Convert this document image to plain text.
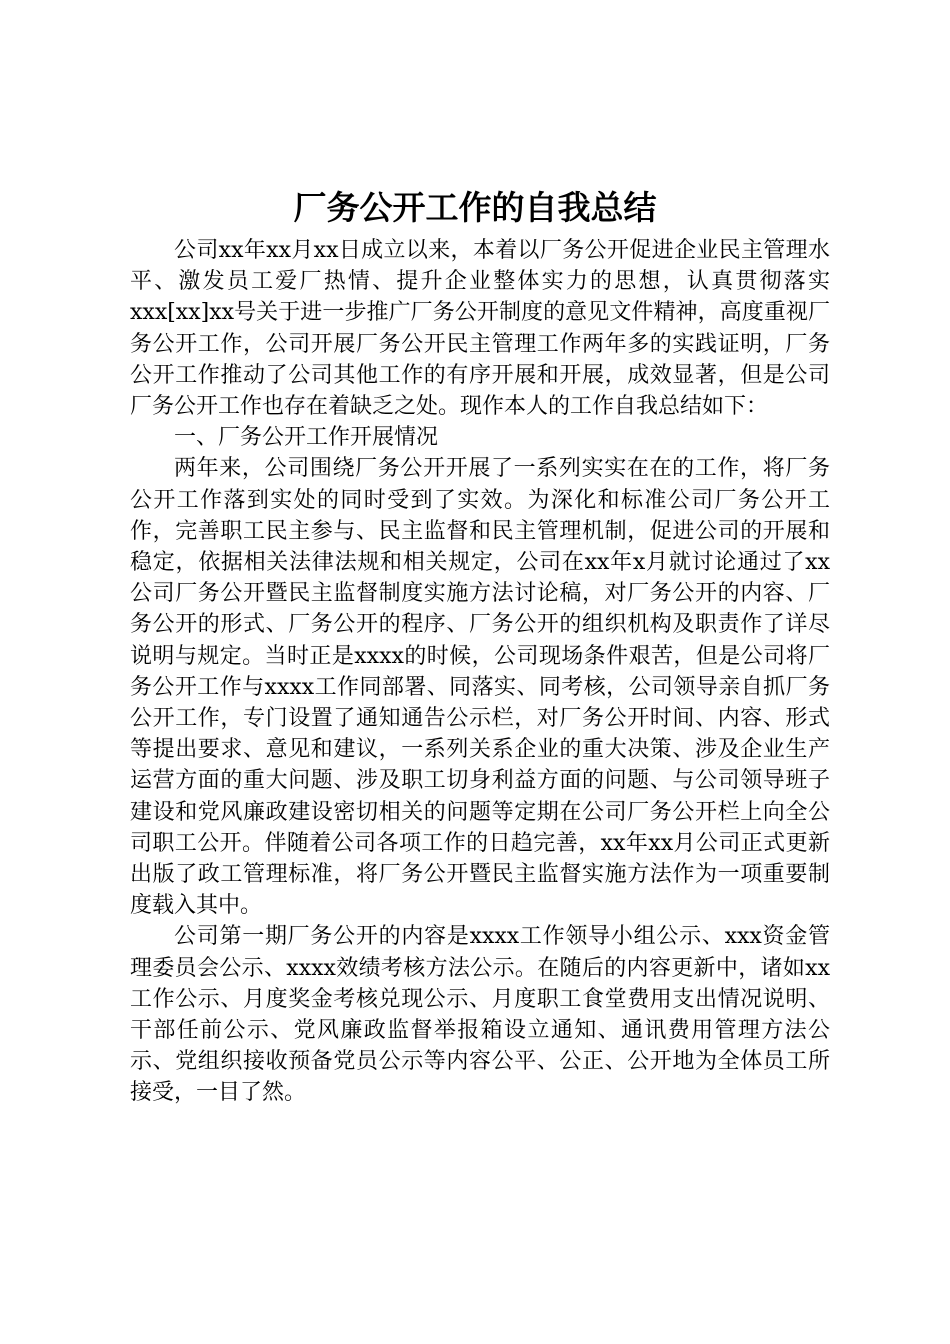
厂务公开工作的自我总结

公司xx年xx月xx日成立以来，本着以厂务公开促进企业民主管理水平、激发员工爱厂热情、提升企业整体实力的思想，认真贯彻落实xxx[xx]xx号关于进一步推广厂务公开制度的意见文件精神，高度重视厂务公开工作，公司开展厂务公开民主管理工作两年多的实践证明，厂务公开工作推动了公司其他工作的有序开展和开展，成效显著，但是公司厂务公开工作也存在着缺乏之处。现作本人的工作自我总结如下：

一、厂务公开工作开展情况

两年来，公司围绕厂务公开开展了一系列实实在在的工作，将厂务公开工作落到实处的同时受到了实效。为深化和标准公司厂务公开工作，完善职工民主参与、民主监督和民主管理机制，促进公司的开展和稳定，依据相关法律法规和相关规定，公司在xx年x月就讨论通过了xx公司厂务公开暨民主监督制度实施方法讨论稿，对厂务公开的内容、厂务公开的形式、厂务公开的程序、厂务公开的组织机构及职责作了详尽说明与规定。当时正是xxxx的时候，公司现场条件艰苦，但是公司将厂务公开工作与xxxx工作同部署、同落实、同考核，公司领导亲自抓厂务公开工作，专门设置了通知通告公示栏，对厂务公开时间、内容、形式等提出要求、意见和建议，一系列关系企业的重大决策、涉及企业生产运营方面的重大问题、涉及职工切身利益方面的问题、与公司领导班子建设和党风廉政建设密切相关的问题等定期在公司厂务公开栏上向全公司职工公开。伴随着公司各项工作的日趋完善，xx年xx月公司正式更新出版了政工管理标准，将厂务公开暨民主监督实施方法作为一项重要制度载入其中。

公司第一期厂务公开的内容是xxxx工作领导小组公示、xxx资金管理委员会公示、xxxx效绩考核方法公示。在随后的内容更新中，诸如xx工作公示、月度奖金考核兑现公示、月度职工食堂费用支出情况说明、干部任前公示、党风廉政监督举报箱设立通知、通讯费用管理方法公示、党组织接收预备党员公示等内容公平、公正、公开地为全体员工所接受，一目了然。
